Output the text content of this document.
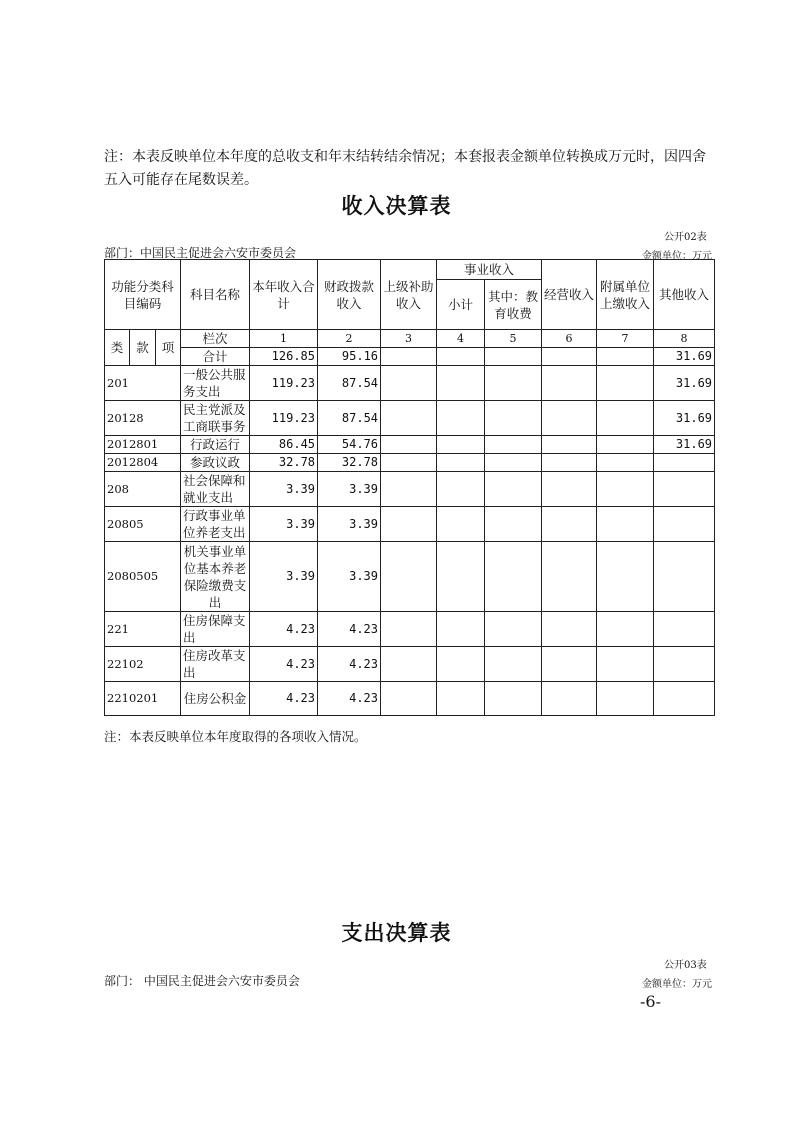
注：本表反映单位本年度的总收支和年末结转结余情况；本套报表金额单位转换成万元时，因四舍五入可能存在尾数误差。
收入决算表
公开02表
部门：中国民主促进会六安市委员会	金额单位：万元
功能分类科目编码			科目名称	本年收入合计	财政拨款收入	上级补助收入	事业收入		经营收入	附属单位上缴收入	其他收入
							小计	其中：教育收费			

类	款	项	栏次	1	2	3	4	5	6	7	8
			合计	126.85	95.16						31.69
201			一般公共服务支出	119.23	87.54						31.69
20128			民主党派及工商联事务	119.23	87.54						31.69
2012801			行政运行	86.45	54.76						31.69
2012804			参政议政	32.78	32.78						
208			社会保障和就业支出	3.39	3.39						
20805			行政事业单位养老支出	3.39	3.39						
2080505			机关事业单位基本养老保险缴费支出	3.39	3.39						
221			住房保障支出	4.23	4.23						
22102			住房改革支出	4.23	4.23						
2210201			住房公积金	4.23	4.23						
注：本表反映单位本年度取得的各项收入情况。
支出决算表
公开03表
部门： 中国民主促进会六安市委员会	金额单位：万元
-6-
